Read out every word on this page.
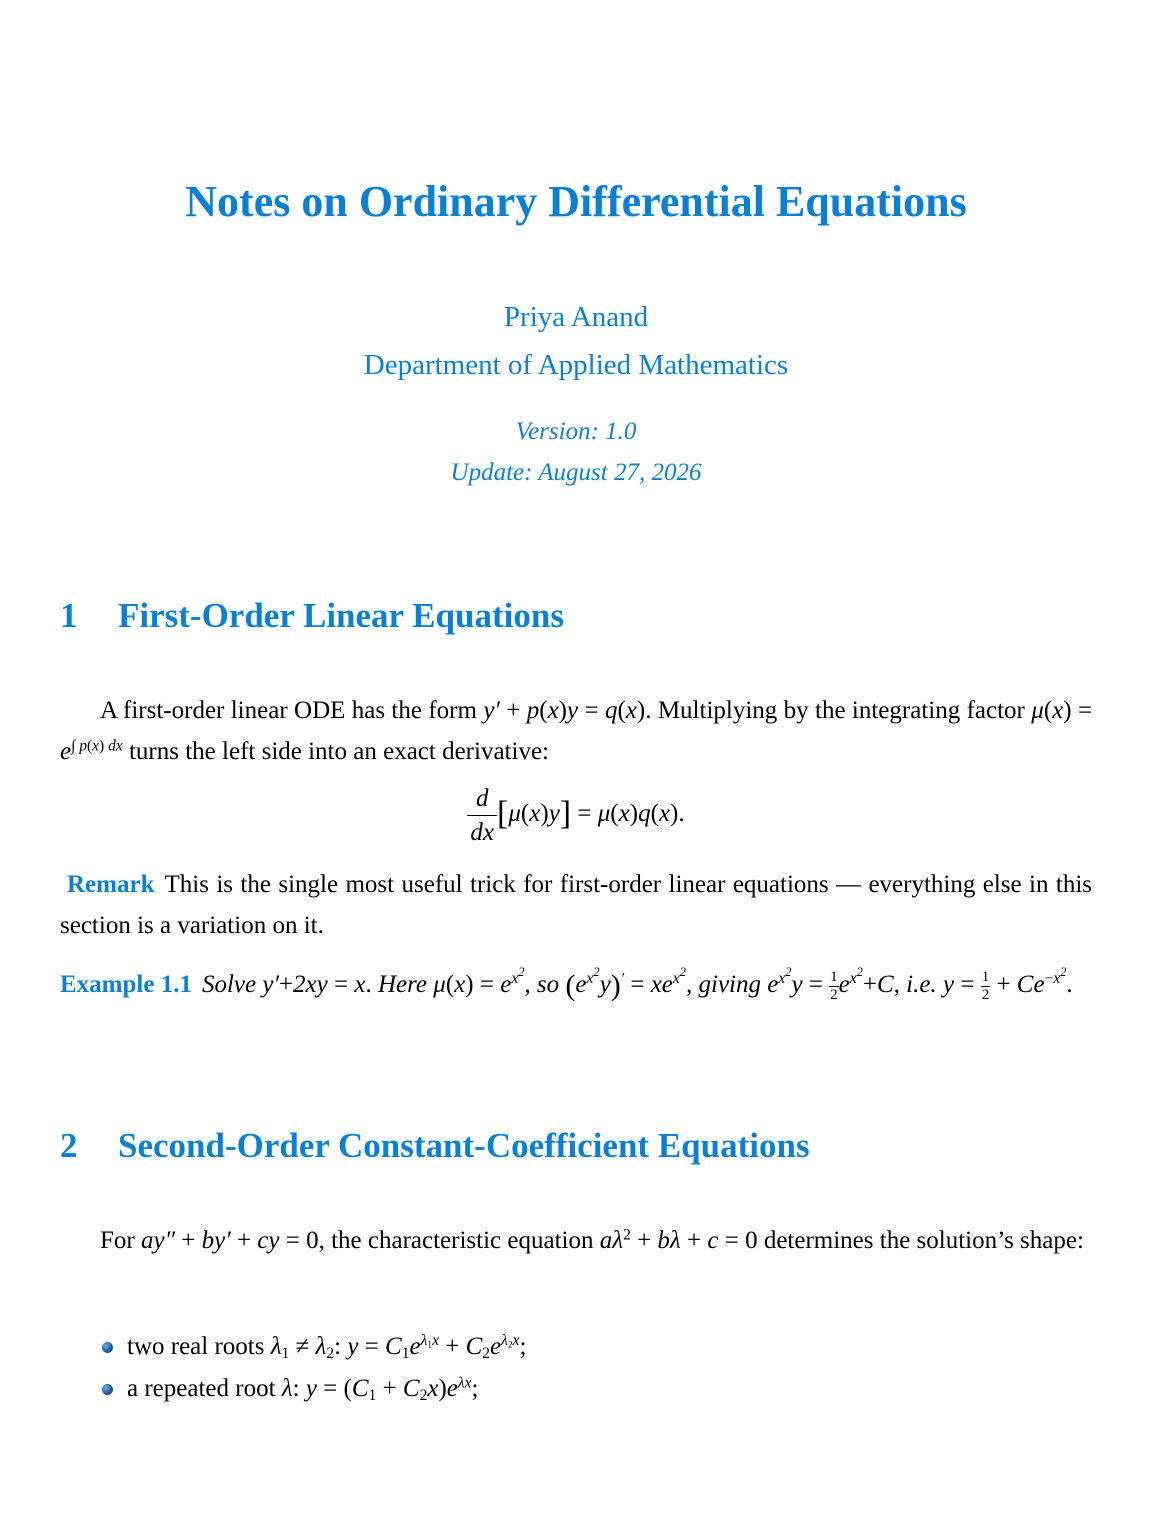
Notes on Ordinary Differential Equations
Priya Anand
Department of Applied Mathematics
Version: 1.0
Update: August 27, 2026
1 First-Order Linear Equations
A first-order linear ODE has the form y′ + p(x)y = q(x). Multiplying by the integrating factor $\mu(x) = e^{\int p(x) dx}$ turns the left side into an exact derivative:
$\frac{d}{dx} [\mu(x)y] = \mu(x)q(x)$.
Remark This is the single most useful trick for first-order linear equations — everything else in this section is a variation on it.
Example 1.1 Solve y′+2xy = x. Here $\mu(x) = e^{x^2}$, so $(e^{x^2}y)' = xe^{x^2}$, giving $e^{x^2}y = \frac{1}{2} e^{x^2}+C$, i.e. $y = \frac{1}{2} + Ce^{-x^2}$.
2 Second-Order Constant-Coefficient Equations
For ay″ + by′ + cy = 0, the characteristic equation $a\lambda^2 + b\lambda + c = 0$ determines the solution’s shape:
two real roots $\lambda_1 \ne \lambda_2$: $y = C_1e^{\lambda_1x} + C_2e^{\lambda_2x}$;
a repeated root λ: $y = (C_1 + C_2x)e^{\lambda x}$;
